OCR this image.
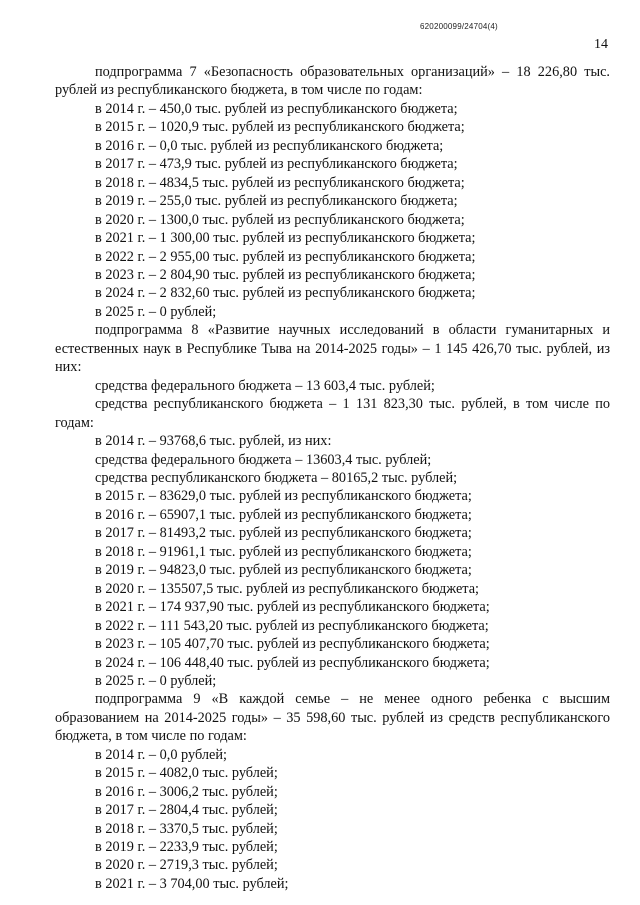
620200099/24704(4)
14

подпрограмма 7 «Безопасность образовательных организаций» – 18 226,80 тыс. рублей из республиканского бюджета, в том числе по годам:

в 2014 г. – 450,0 тыс. рублей из республиканского бюджета;

в 2015 г. – 1020,9 тыс. рублей из республиканского бюджета;

в 2016 г. – 0,0 тыс. рублей из республиканского бюджета;

в 2017 г. – 473,9 тыс. рублей из республиканского бюджета;

в 2018 г. – 4834,5 тыс. рублей из республиканского бюджета;

в 2019 г. – 255,0 тыс. рублей из республиканского бюджета;

в 2020 г. – 1300,0 тыс. рублей из республиканского бюджета;

в 2021 г. – 1 300,00 тыс. рублей из республиканского бюджета;

в 2022 г. – 2 955,00 тыс. рублей из республиканского бюджета;

в 2023 г. – 2 804,90 тыс. рублей из республиканского бюджета;

в 2024 г. – 2 832,60 тыс. рублей из республиканского бюджета;

в 2025 г. – 0 рублей;

подпрограмма 8 «Развитие научных исследований в области гуманитарных и естественных наук в Республике Тыва на 2014-2025 годы» – 1 145 426,70 тыс. рублей, из них:

средства федерального бюджета – 13 603,4 тыс. рублей;

средства республиканского бюджета – 1 131 823,30 тыс. рублей, в том числе по годам:

в 2014 г. – 93768,6 тыс. рублей, из них:

средства федерального бюджета – 13603,4 тыс. рублей;

средства республиканского бюджета – 80165,2 тыс. рублей;

в 2015 г. – 83629,0 тыс. рублей из республиканского бюджета;

в 2016 г. – 65907,1 тыс. рублей из республиканского бюджета;

в 2017 г. – 81493,2 тыс. рублей из республиканского бюджета;

в 2018 г. – 91961,1 тыс. рублей из республиканского бюджета;

в 2019 г. – 94823,0 тыс. рублей из республиканского бюджета;

в 2020 г. – 135507,5 тыс. рублей из республиканского бюджета;

в 2021 г. – 174 937,90 тыс. рублей из республиканского бюджета;

в 2022 г. – 111 543,20 тыс. рублей из республиканского бюджета;

в 2023 г. – 105 407,70 тыс. рублей из республиканского бюджета;

в 2024 г. – 106 448,40 тыс. рублей из республиканского бюджета;

в 2025 г. – 0 рублей;

подпрограмма 9 «В каждой семье – не менее одного ребенка с высшим образованием на 2014-2025 годы» – 35 598,60 тыс. рублей из средств республиканского бюджета, в том числе по годам:

в 2014 г. – 0,0 рублей;

в 2015 г. – 4082,0 тыс. рублей;

в 2016 г. – 3006,2 тыс. рублей;

в 2017 г. – 2804,4 тыс. рублей;

в 2018 г. – 3370,5 тыс. рублей;

в 2019 г. – 2233,9 тыс. рублей;

в 2020 г. – 2719,3 тыс. рублей;

в 2021 г. – 3 704,00 тыс. рублей;
